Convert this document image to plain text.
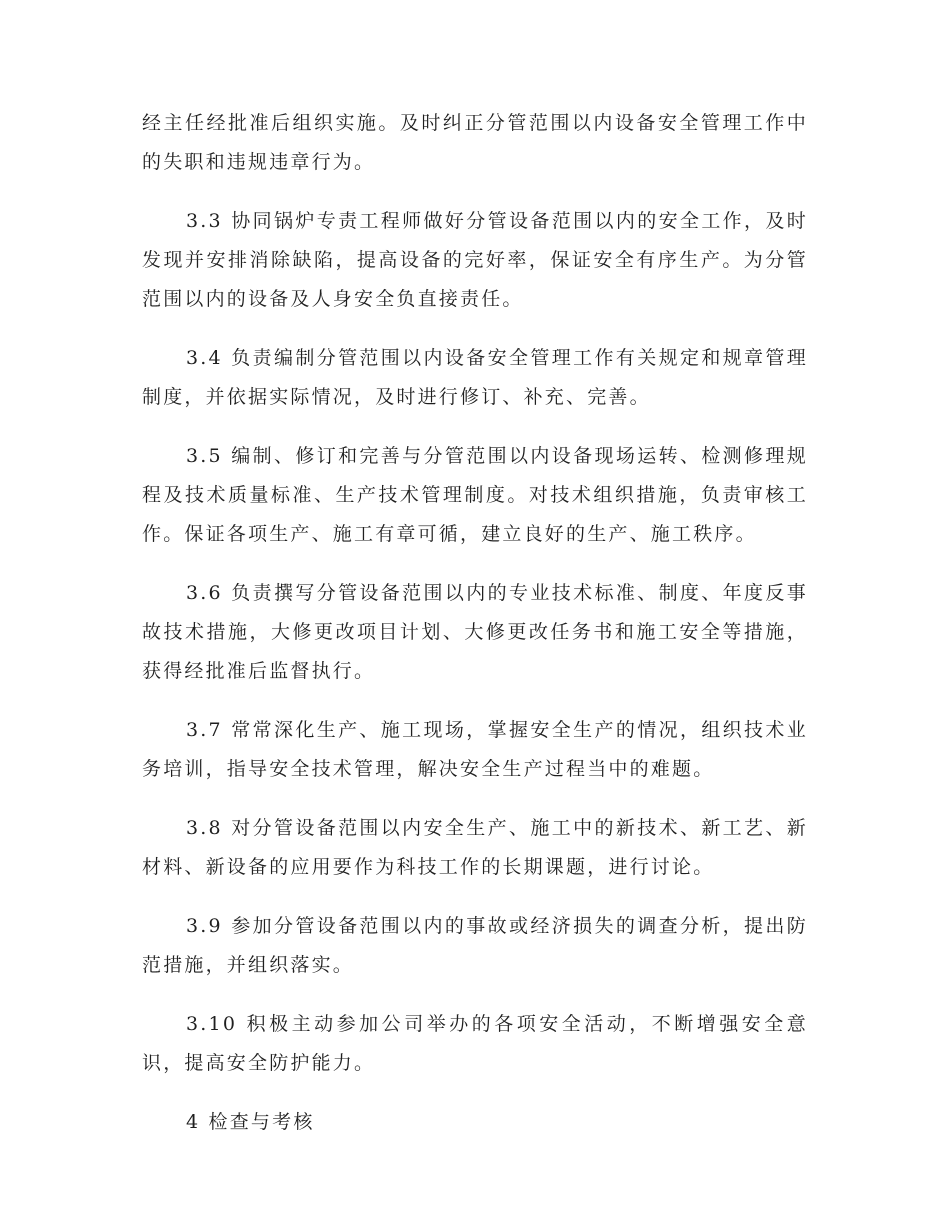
经主任经批准后组织实施。及时纠正分管范围以内设备安全管理工作中的失职和违规违章行为。

3.3 协同锅炉专责工程师做好分管设备范围以内的安全工作，及时发现并安排消除缺陷，提高设备的完好率，保证安全有序生产。为分管范围以内的设备及人身安全负直接责任。

3.4 负责编制分管范围以内设备安全管理工作有关规定和规章管理制度，并依据实际情况，及时进行修订、补充、完善。

3.5 编制、修订和完善与分管范围以内设备现场运转、检测修理规程及技术质量标准、生产技术管理制度。对技术组织措施，负责审核工作。保证各项生产、施工有章可循，建立良好的生产、施工秩序。

3.6 负责撰写分管设备范围以内的专业技术标准、制度、年度反事故技术措施，大修更改项目计划、大修更改任务书和施工安全等措施，获得经批准后监督执行。

3.7 常常深化生产、施工现场，掌握安全生产的情况，组织技术业务培训，指导安全技术管理，解决安全生产过程当中的难题。

3.8 对分管设备范围以内安全生产、施工中的新技术、新工艺、新材料、新设备的应用要作为科技工作的长期课题，进行讨论。

3.9 参加分管设备范围以内的事故或经济损失的调查分析，提出防范措施，并组织落实。

3.10 积极主动参加公司举办的各项安全活动，不断增强安全意识，提高安全防护能力。

4 检查与考核
